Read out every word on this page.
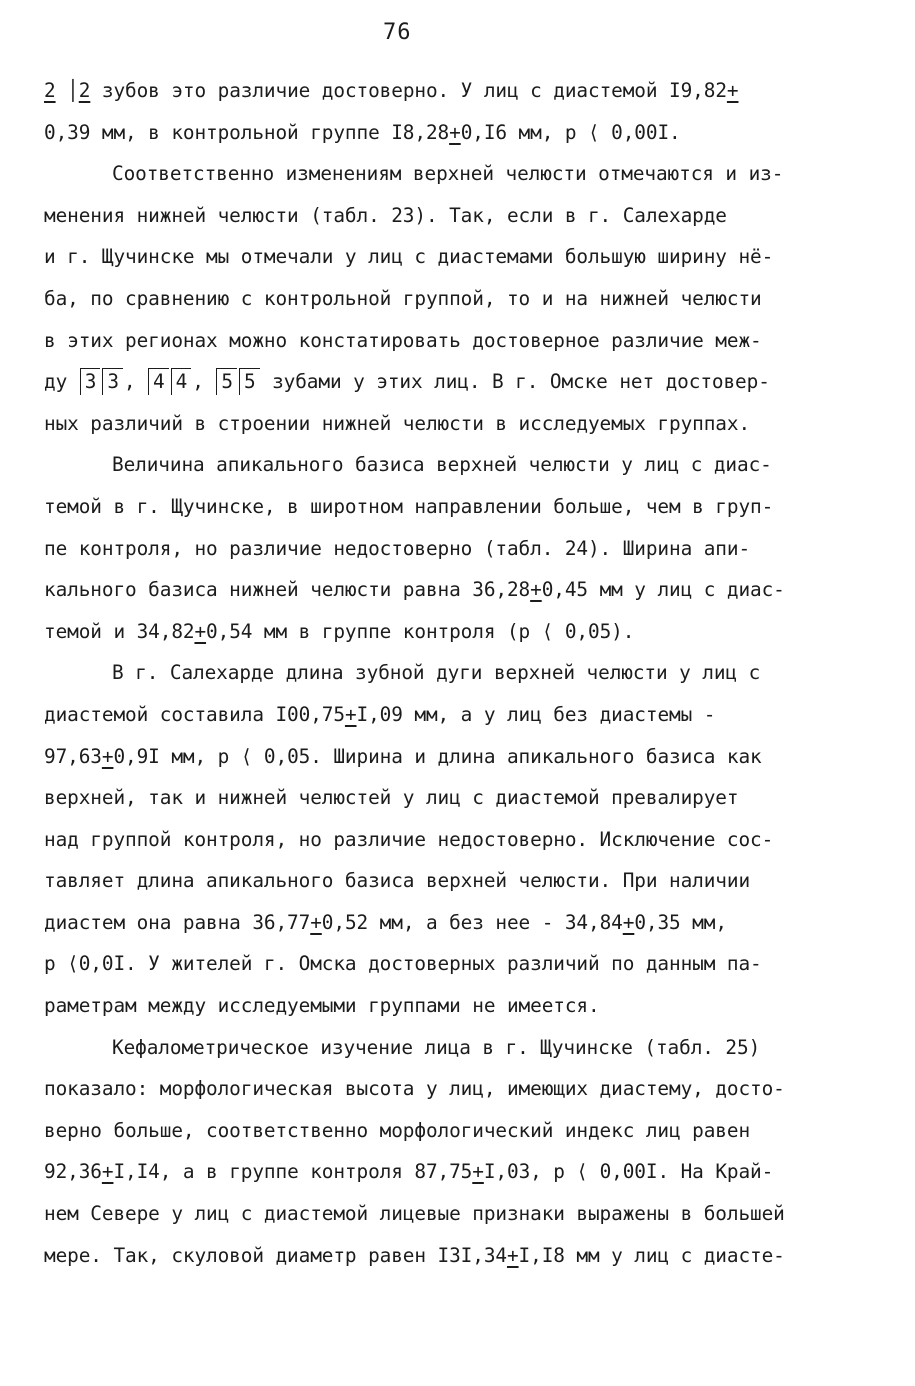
76
2 │2 зубов это различие достоверно. У лиц с диастемой I9,82+
0,39 мм, в контрольной группе I8,28+0,I6 мм, р ⟨ 0,00I.
Соответственно изменениям верхней челюсти отмечаются и из-
менения нижней челюсти (табл. 23). Так, если в г. Салехарде
и г. Щучинске мы отмечали у лиц с диастемами большую ширину нё-
ба, по сравнению с контрольной группой, то и на нижней челюсти
в этих регионах можно констатировать достоверное различие меж-
ду 3 3 , 4 4 , 5 5 зубами у этих лиц. В г. Омске нет достовер-
ных различий в строении нижней челюсти в исследуемых группах.
Величина апикального базиса верхней челюсти у лиц с диас-
темой в г. Щучинске, в широтном направлении больше, чем в груп-
пе контроля, но различие недостоверно (табл. 24). Ширина апи-
кального базиса нижней челюсти равна 36,28+0,45 мм у лиц с диас-
темой и 34,82+0,54 мм в группе контроля (р ⟨ 0,05).
В г. Салехарде длина зубной дуги верхней челюсти у лиц с
диастемой составила I00,75+I,09 мм, а у лиц без диастемы -
97,63+0,9I мм, р ⟨ 0,05. Ширина и длина апикального базиса как
верхней, так и нижней челюстей у лиц с диастемой превалирует
над группой контроля, но различие недостоверно. Исключение сос-
тавляет длина апикального базиса верхней челюсти. При наличии
диастем она равна 36,77+0,52 мм, а без нее - 34,84+0,35 мм,
р ⟨0,0I. У жителей г. Омска достоверных различий по данным па-
раметрам между исследуемыми группами не имеется.
Кефалометрическое изучение лица в г. Щучинске (табл. 25)
показало: морфологическая высота у лиц, имеющих диастему, досто-
верно больше, соответственно морфологический индекс лиц равен
92,36+I,I4, а в группе контроля 87,75+I,03, р ⟨ 0,00I. На Край-
нем Севере у лиц с диастемой лицевые признаки выражены в большей
мере. Так, скуловой диаметр равен I3I,34+I,I8 мм у лиц с диасте-
